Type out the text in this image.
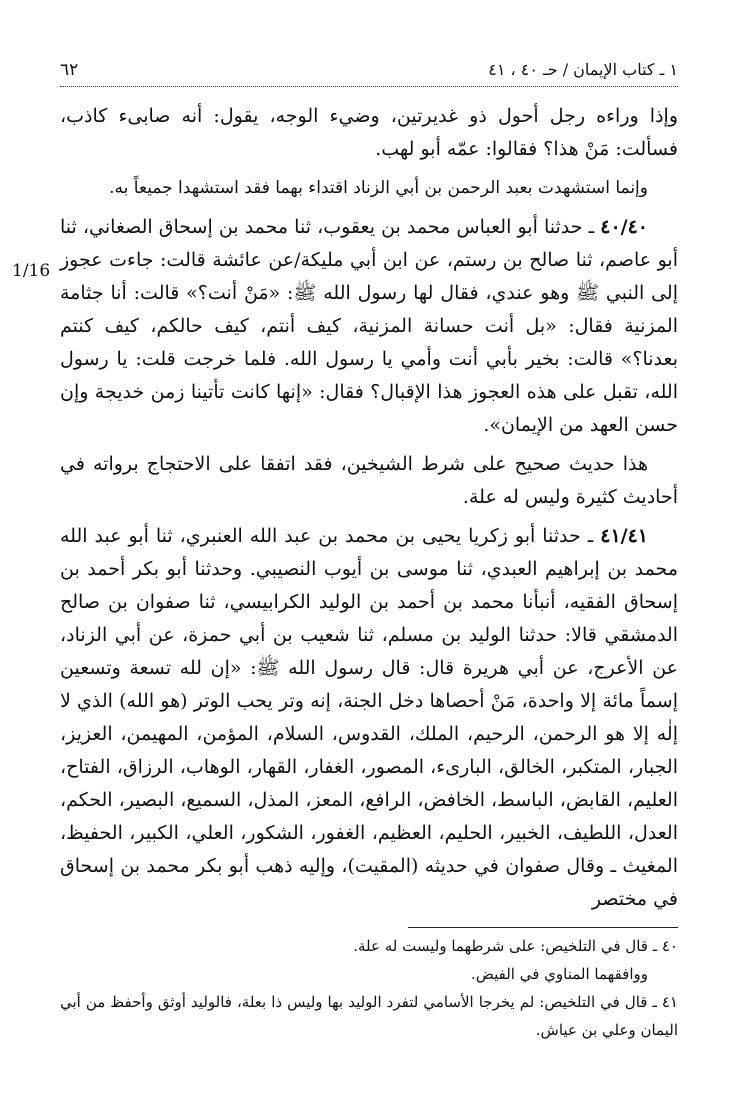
١ ـ كتاب الإيمان / حـ ٤٠ ، ٤١
٦٢
1/16

وإذا وراءه رجل أحول ذو غديرتين، وضيء الوجه، يقول: أنه صابىء كاذب، فسألت: مَنْ هذا؟ فقالوا: عمّه أبو لهب.

وإنما استشهدت بعبد الرحمن بن أبي الزناد اقتداء بهما فقد استشهدا جميعاً به.

٤٠/٤٠ ـ حدثنا أبو العباس محمد بن يعقوب، ثنا محمد بن إسحاق الصغاني، ثنا أبو عاصم، ثنا صالح بن رستم، عن ابن أبي مليكة/عن عائشة قالت: جاءت عجوز إلى النبي ﷺ وهو عندي، فقال لها رسول الله ﷺ: «مَنْ أنت؟» قالت: أنا جثامة المزنية فقال: «بل أنت حسانة المزنية، كيف أنتم، كيف حالكم، كيف كنتم بعدنا؟» قالت: بخير بأبي أنت وأمي يا رسول الله. فلما خرجت قلت: يا رسول الله، تقبل على هذه العجوز هذا الإقبال؟ فقال: «إنها كانت تأتينا زمن خديجة وإن حسن العهد من الإيمان».

هذا حديث صحيح على شرط الشيخين، فقد اتفقا على الاحتجاج برواته في أحاديث كثيرة وليس له علة.

٤١/٤١ ـ حدثنا أبو زكريا يحيى بن محمد بن عبد الله العنبري، ثنا أبو عبد الله محمد بن إبراهيم العبدي، ثنا موسى بن أيوب النصيبي. وحدثنا أبو بكر أحمد بن إسحاق الفقيه، أنبأنا محمد بن أحمد بن الوليد الكرابيسي، ثنا صفوان بن صالح الدمشقي قالا: حدثنا الوليد بن مسلم، ثنا شعيب بن أبي حمزة، عن أبي الزناد، عن الأعرج، عن أبي هريرة قال: قال رسول الله ﷺ: «إن لله تسعة وتسعين إسماً مائة إلا واحدة، مَنْ أحصاها دخل الجنة، إنه وتر يحب الوتر (هو الله) الذي لا إلٰه إلا هو الرحمن، الرحيم، الملك، القدوس، السلام، المؤمن، المهيمن، العزيز، الجبار، المتكبر، الخالق، البارىء، المصور، الغفار، القهار، الوهاب، الرزاق، الفتاح، العليم، القابض، الباسط، الخافض، الرافع، المعز، المذل، السميع، البصير، الحكم، العدل، اللطيف، الخبير، الحليم، العظيم، الغفور، الشكور، العلي، الكبير، الحفيظ، المغيث ـ وقال صفوان في حديثه (المقيت)، وإليه ذهب أبو بكر محمد بن إسحاق في مختصر

٤٠ ـ قال في التلخيص: على شرطهما وليست له علة.

ووافقهما المناوي في الفيض.

٤١ ـ قال في التلخيص: لم يخرجا الأسامي لتفرد الوليد بها وليس ذا بعلة، فالوليد أوثق وأحفظ من أبي اليمان وعلي بن عياش.
